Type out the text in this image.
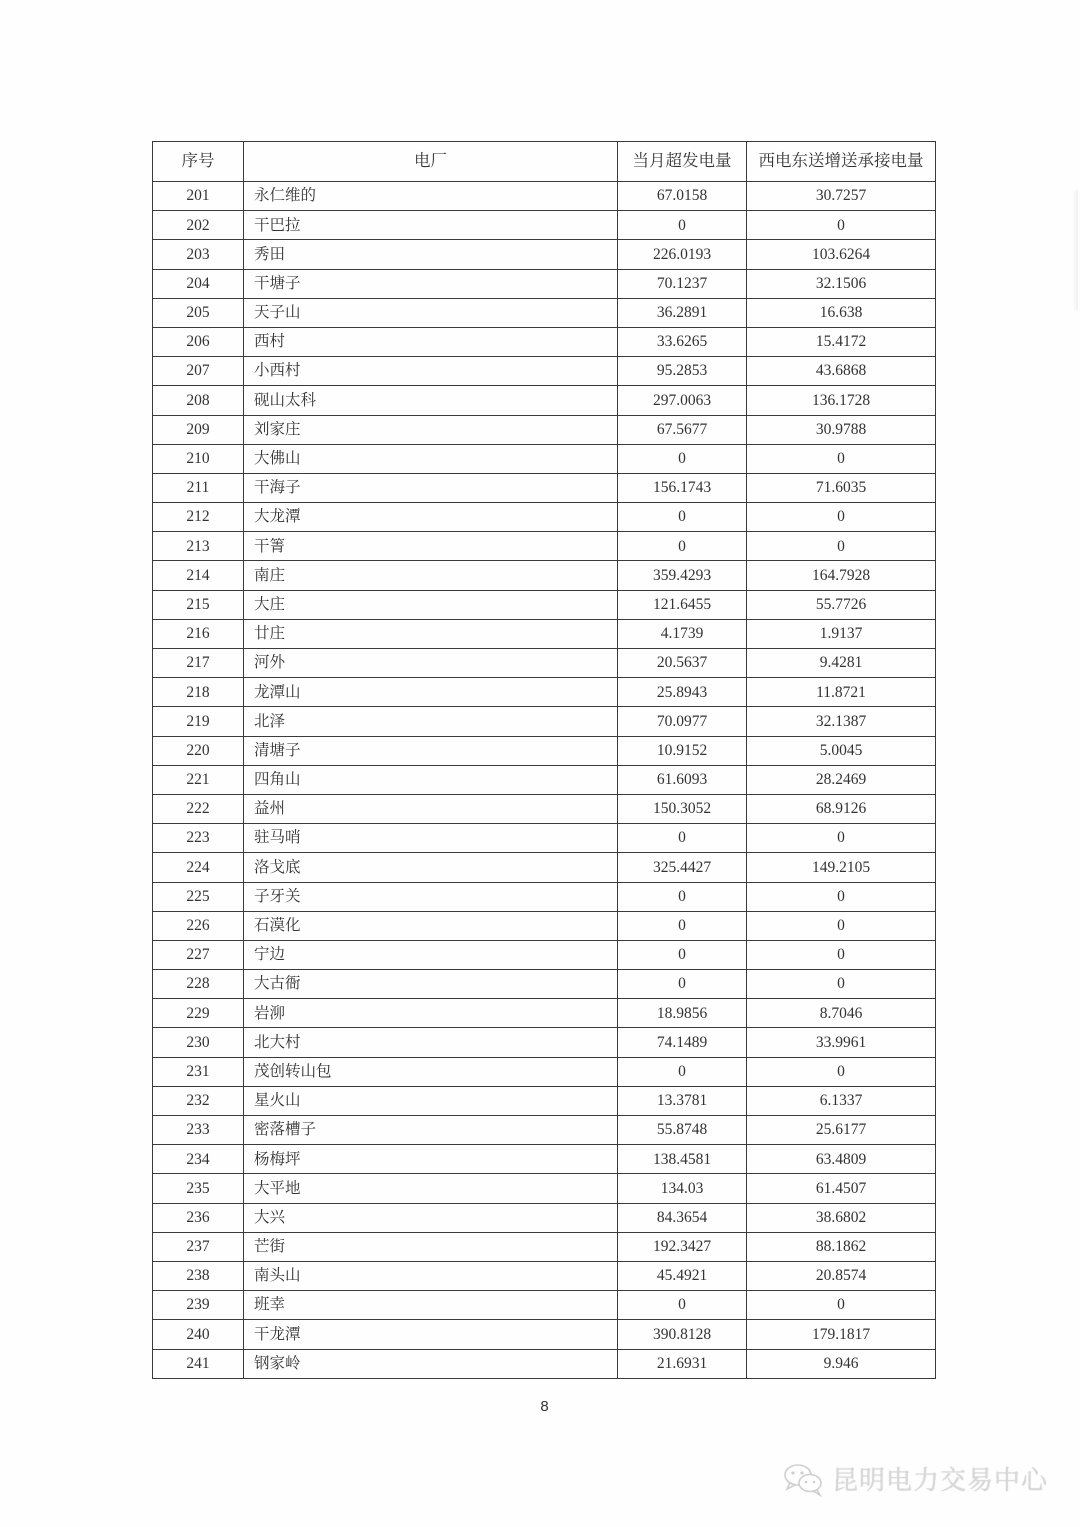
序号	电厂	当月超发电量	西电东送增送承接电量
201	永仁维的	67.0158	30.7257
202	干巴拉	0	0
203	秀田	226.0193	103.6264
204	干塘子	70.1237	32.1506
205	天子山	36.2891	16.638
206	西村	33.6265	15.4172
207	小西村	95.2853	43.6868
208	砚山太科	297.0063	136.1728
209	刘家庄	67.5677	30.9788
210	大佛山	0	0
211	干海子	156.1743	71.6035
212	大龙潭	0	0
213	干箐	0	0
214	南庄	359.4293	164.7928
215	大庄	121.6455	55.7726
216	廿庄	4.1739	1.9137
217	河外	20.5637	9.4281
218	龙潭山	25.8943	11.8721
219	北泽	70.0977	32.1387
220	清塘子	10.9152	5.0045
221	四角山	61.6093	28.2469
222	益州	150.3052	68.9126
223	驻马哨	0	0
224	洛戈底	325.4427	149.2105
225	子牙关	0	0
226	石漠化	0	0
227	宁边	0	0
228	大古衙	0	0
229	岩泖	18.9856	8.7046
230	北大村	74.1489	33.9961
231	茂创转山包	0	0
232	星火山	13.3781	6.1337
233	密落槽子	55.8748	25.6177
234	杨梅坪	138.4581	63.4809
235	大平地	134.03	61.4507
236	大兴	84.3654	38.6802
237	芒街	192.3427	88.1862
238	南头山	45.4921	20.8574
239	班幸	0	0
240	干龙潭	390.8128	179.1817
241	钢家岭	21.6931	9.946
8
昆明电力交易中心
